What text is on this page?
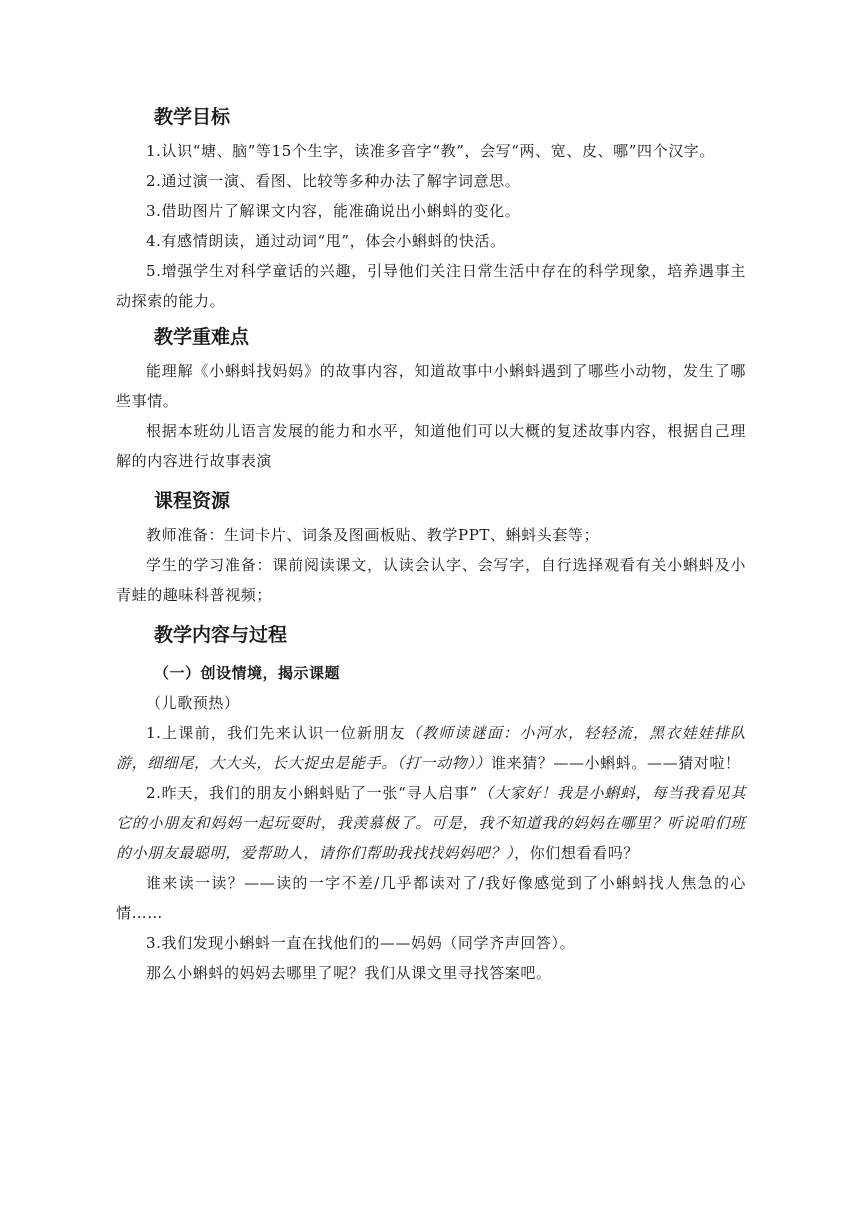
教学目标

1.认识“塘、脑”等15个生字，读准多音字“教”，会写“两、宽、皮、哪”四个汉字。

2.通过演一演、看图、比较等多种办法了解字词意思。

3.借助图片了解课文内容，能准确说出小蝌蚪的变化。

4.有感情朗读，通过动词“甩”，体会小蝌蚪的快活。

5.增强学生对科学童话的兴趣，引导他们关注日常生活中存在的科学现象，培养遇事主动探索的能力。

教学重难点

能理解《小蝌蚪找妈妈》的故事内容，知道故事中小蝌蚪遇到了哪些小动物，发生了哪些事情。

根据本班幼儿语言发展的能力和水平，知道他们可以大概的复述故事内容，根据自己理解的内容进行故事表演

课程资源

教师准备：生词卡片、词条及图画板贴、教学PPT、蝌蚪头套等；

学生的学习准备：课前阅读课文，认读会认字、会写字，自行选择观看有关小蝌蚪及小青蛙的趣味科普视频；

教学内容与过程
（一）创设情境，揭示课题

（儿歌预热）

1.上课前，我们先来认识一位新朋友（教师读谜面：小河水，轻轻流，黑衣娃娃排队游，细细尾，大大头，长大捉虫是能手。（打一动物））谁来猜？——小蝌蚪。——猜对啦！

2.昨天，我们的朋友小蝌蚪贴了一张“寻人启事”（大家好！我是小蝌蚪，每当我看见其它的小朋友和妈妈一起玩耍时，我羡慕极了。可是，我不知道我的妈妈在哪里？听说咱们班的小朋友最聪明，爱帮助人，请你们帮助我找找妈妈吧？），你们想看看吗？

谁来读一读？——读的一字不差/几乎都读对了/我好像感觉到了小蝌蚪找人焦急的心情……

3.我们发现小蝌蚪一直在找他们的——妈妈（同学齐声回答）。

那么小蝌蚪的妈妈去哪里了呢？我们从课文里寻找答案吧。
